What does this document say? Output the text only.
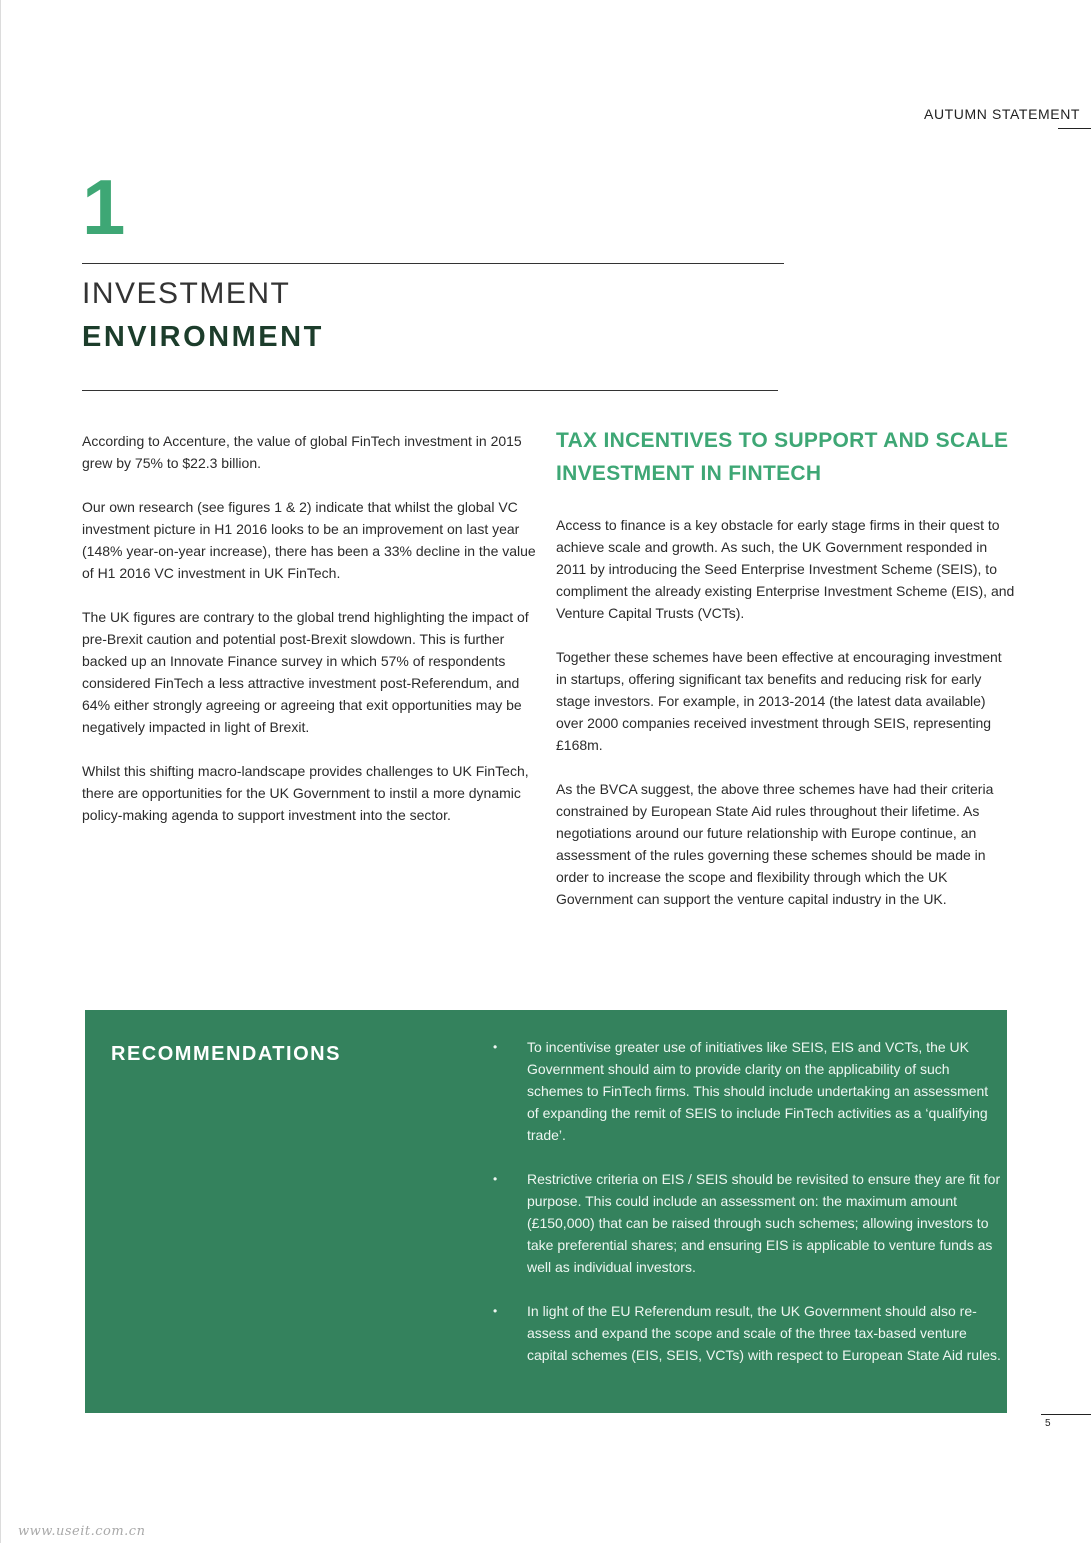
AUTUMN STATEMENT
1
INVESTMENT
ENVIRONMENT

According to Accenture, the value of global FinTech investment in 2015 grew by 75% to $22.3 billion.

Our own research (see figures 1 & 2) indicate that whilst the global VC investment picture in H1 2016 looks to be an improvement on last year (148% year-on-year increase), there has been a 33% decline in the value of H1 2016 VC investment in UK FinTech.

The UK figures are contrary to the global trend highlighting the impact of pre-Brexit caution and potential post-Brexit slowdown. This is further backed up an Innovate Finance survey in which 57% of respondents considered FinTech a less attractive investment post-Referendum, and 64% either strongly agreeing or agreeing that exit opportunities may be negatively impacted in light of Brexit.

Whilst this shifting macro-landscape provides challenges to UK FinTech, there are opportunities for the UK Government to instil a more dynamic policy-making agenda to support investment into the sector.

TAX INCENTIVES TO SUPPORT AND SCALE INVESTMENT IN FINTECH

Access to finance is a key obstacle for early stage firms in their quest to achieve scale and growth. As such, the UK Government responded in 2011 by introducing the Seed Enterprise Investment Scheme (SEIS), to compliment the already existing Enterprise Investment Scheme (EIS), and Venture Capital Trusts (VCTs).

Together these schemes have been effective at encouraging investment in startups, offering significant tax benefits and reducing risk for early stage investors. For example, in 2013-2014 (the latest data available) over 2000 companies received investment through SEIS, representing £168m.

As the BVCA suggest, the above three schemes have had their criteria constrained by European State Aid rules throughout their lifetime. As negotiations around our future relationship with Europe continue, an assessment of the rules governing these schemes should be made in order to increase the scope and flexibility through which the UK Government can support the venture capital industry in the UK.

RECOMMENDATIONS	• To incentivise greater use of initiatives like SEIS, EIS and VCTs, the UK Government should aim to provide clarity on the applicability of such schemes to FinTech firms. This should include undertaking an assessment of expanding the remit of SEIS to include FinTech activities as a ‘qualifying trade’.
• Restrictive criteria on EIS / SEIS should be revisited to ensure they are fit for purpose. This could include an assessment on: the maximum amount (£150,000) that can be raised through such schemes; allowing investors to take preferential shares; and ensuring EIS is applicable to venture funds as well as individual investors.
• In light of the EU Referendum result, the UK Government should also re-assess and expand the scope and scale of the three tax-based venture capital schemes (EIS, SEIS, VCTs) with respect to European State Aid rules.
5
www.useit.com.cn
